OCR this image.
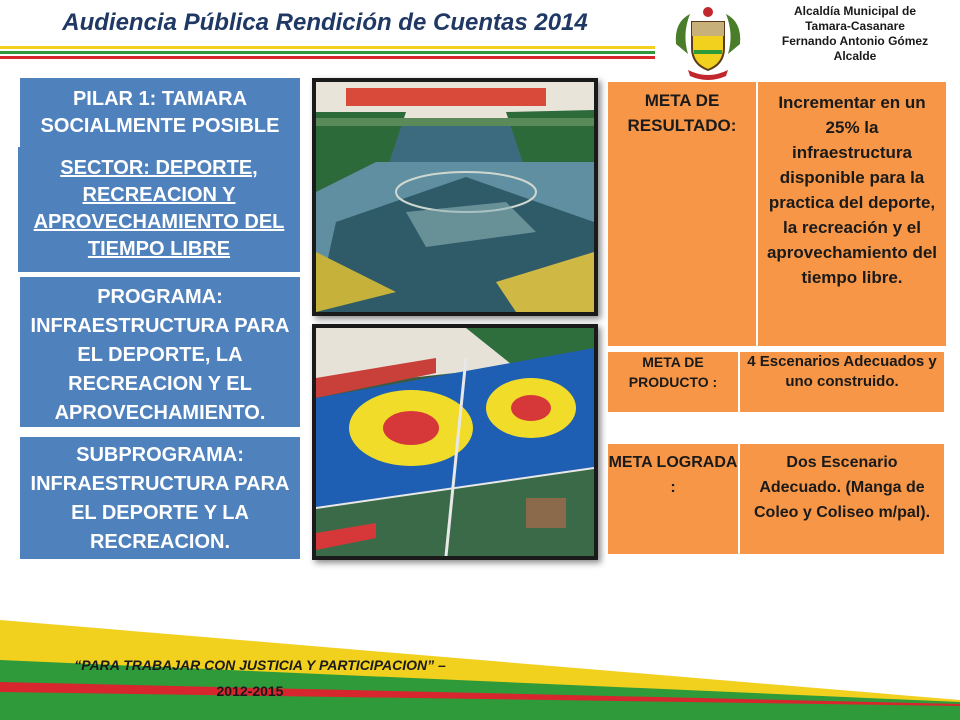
Audiencia Pública Rendición de Cuentas 2014	Alcaldía Municipal de
Tamara-Casanare
Fernando Antonio Gómez
Alcalde
PILAR 1: TAMARA SOCIALMENTE POSIBLE
SECTOR: DEPORTE, RECREACION Y APROVECHAMIENTO DEL TIEMPO LIBRE
PROGRAMA: INFRAESTRUCTURA PARA EL DEPORTE, LA RECREACION Y EL APROVECHAMIENTO.
SUBPROGRAMA: INFRAESTRUCTURA PARA EL DEPORTE Y LA RECREACION.
META DE RESULTADO:
Incrementar en un 25% la infraestructura disponible para la practica del deporte, la recreación y el aprovechamiento del tiempo libre.
META DE PRODUCTO :
4 Escenarios Adecuados y uno construido.
META LOGRADA :
Dos Escenario Adecuado. (Manga de Coleo y Coliseo m/pal).
“PARA TRABAJAR CON JUSTICIA Y PARTICIPACION” –
2012-2015
